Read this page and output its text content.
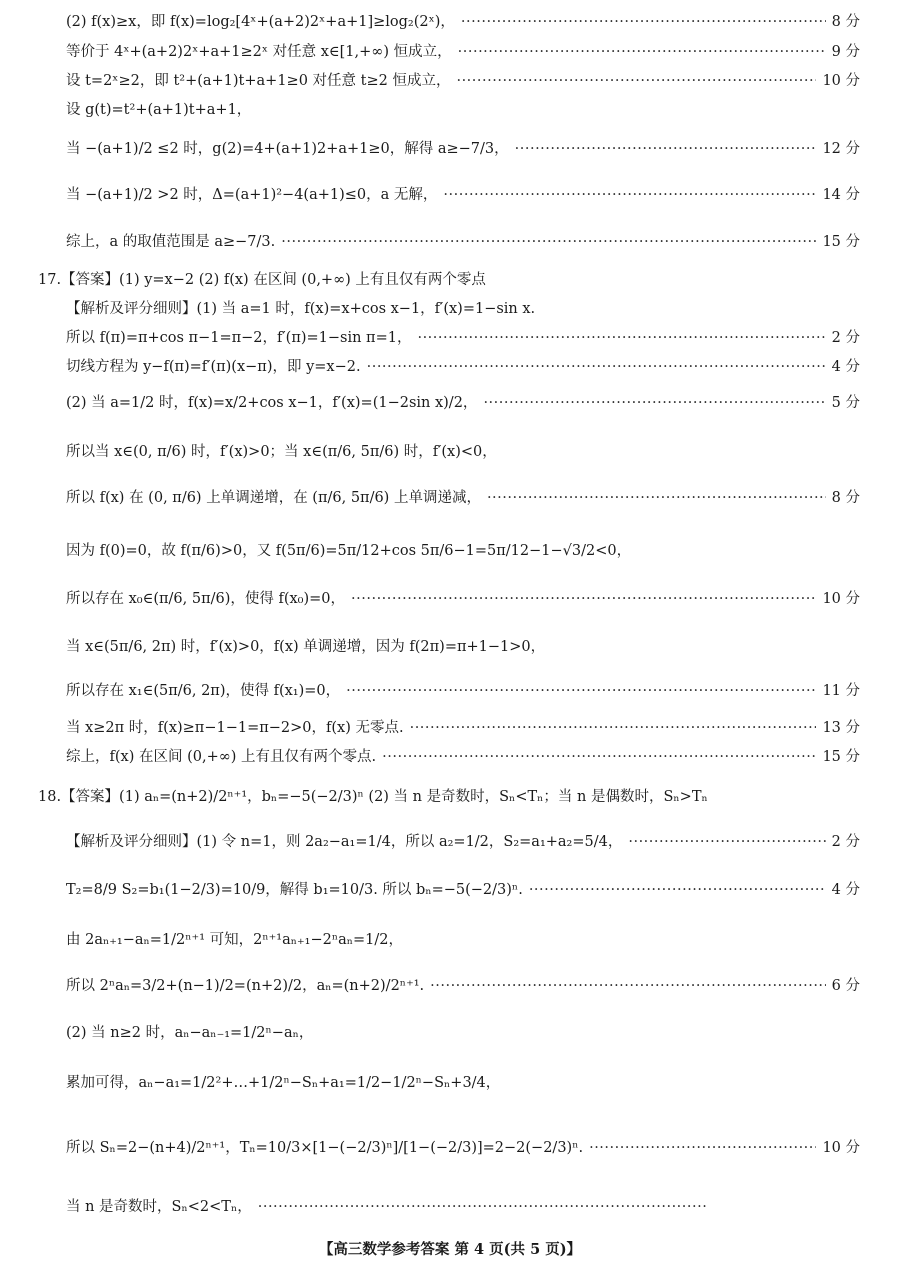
(2) f(x)≥x，即 f(x)=log₂[4ˣ+(a+2)2ˣ+a+1]≥log₂(2ˣ)， ·····	8 分
等价于 4ˣ+(a+2)2ˣ+a+1≥2ˣ 对任意 x∈[1,+∞) 恒成立， ·····	9 分
设 t=2ˣ≥2，即 t²+(a+1)t+a+1≥0 对任意 t≥2 恒成立， ·····	10 分
设 g(t)=t²+(a+1)t+a+1，
当 −(a+1)/2 ≤2 时，g(2)=4+(a+1)2+a+1≥0，解得 a≥−7/3， ·····	12 分
当 −(a+1)/2 >2 时，Δ=(a+1)²−4(a+1)≤0，a 无解， ·····	14 分
综上，a 的取值范围是 a≥−7/3. ·····	15 分
17.【答案】(1) y=x−2 (2) f(x) 在区间 (0,+∞) 上有且仅有两个零点
【解析及评分细则】(1) 当 a=1 时，f(x)=x+cos x−1，f′(x)=1−sin x.
所以 f(π)=π+cos π−1=π−2，f′(π)=1−sin π=1， ·····	2 分
切线方程为 y−f(π)=f′(π)(x−π)，即 y=x−2. ·····	4 分
(2) 当 a=1/2 时，f(x)=x/2+cos x−1，f′(x)=(1−2sin x)/2， ·····	5 分
所以当 x∈(0, π/6) 时，f′(x)>0；当 x∈(π/6, 5π/6) 时，f′(x)<0，
所以 f(x) 在 (0, π/6) 上单调递增，在 (π/6, 5π/6) 上单调递减， ·····	8 分
因为 f(0)=0，故 f(π/6)>0，又 f(5π/6)=5π/12+cos 5π/6−1=5π/12−1−√3/2<0，
所以存在 x₀∈(π/6, 5π/6)，使得 f(x₀)=0， ·····	10 分
当 x∈(5π/6, 2π) 时，f′(x)>0，f(x) 单调递增，因为 f(2π)=π+1−1>0，
所以存在 x₁∈(5π/6, 2π)，使得 f(x₁)=0， ·····	11 分
当 x≥2π 时，f(x)≥π−1−1=π−2>0，f(x) 无零点. ·····	13 分
综上，f(x) 在区间 (0,+∞) 上有且仅有两个零点. ·····	15 分
18.【答案】(1) aₙ=(n+2)/2ⁿ⁺¹，bₙ=−5(−2/3)ⁿ (2) 当 n 是奇数时，Sₙ<Tₙ；当 n 是偶数时，Sₙ>Tₙ
【解析及评分细则】(1) 令 n=1，则 2a₂−a₁=1/4，所以 a₂=1/2，S₂=a₁+a₂=5/4， ·····	2 分
T₂=8/9 S₂=b₁(1−2/3)=10/9，解得 b₁=10/3. 所以 bₙ=−5(−2/3)ⁿ. ·····	4 分
由 2aₙ₊₁−aₙ=1/2ⁿ⁺¹ 可知，2ⁿ⁺¹aₙ₊₁−2ⁿaₙ=1/2，
所以 2ⁿaₙ=3/2+(n−1)/2=(n+2)/2，aₙ=(n+2)/2ⁿ⁺¹. ·····	6 分
(2) 当 n≥2 时，aₙ−aₙ₋₁=1/2ⁿ−aₙ，
累加可得，aₙ−a₁=1/2²+…+1/2ⁿ−Sₙ+a₁=1/2−1/2ⁿ−Sₙ+3/4，
所以 Sₙ=2−(n+4)/2ⁿ⁺¹，Tₙ=10/3×[1−(−2/3)ⁿ]/[1−(−2/3)]=2−2(−2/3)ⁿ. ·····	10 分
当 n 是奇数时，Sₙ<2<Tₙ，
·····
【高三数学参考答案 第 4 页(共 5 页)】
